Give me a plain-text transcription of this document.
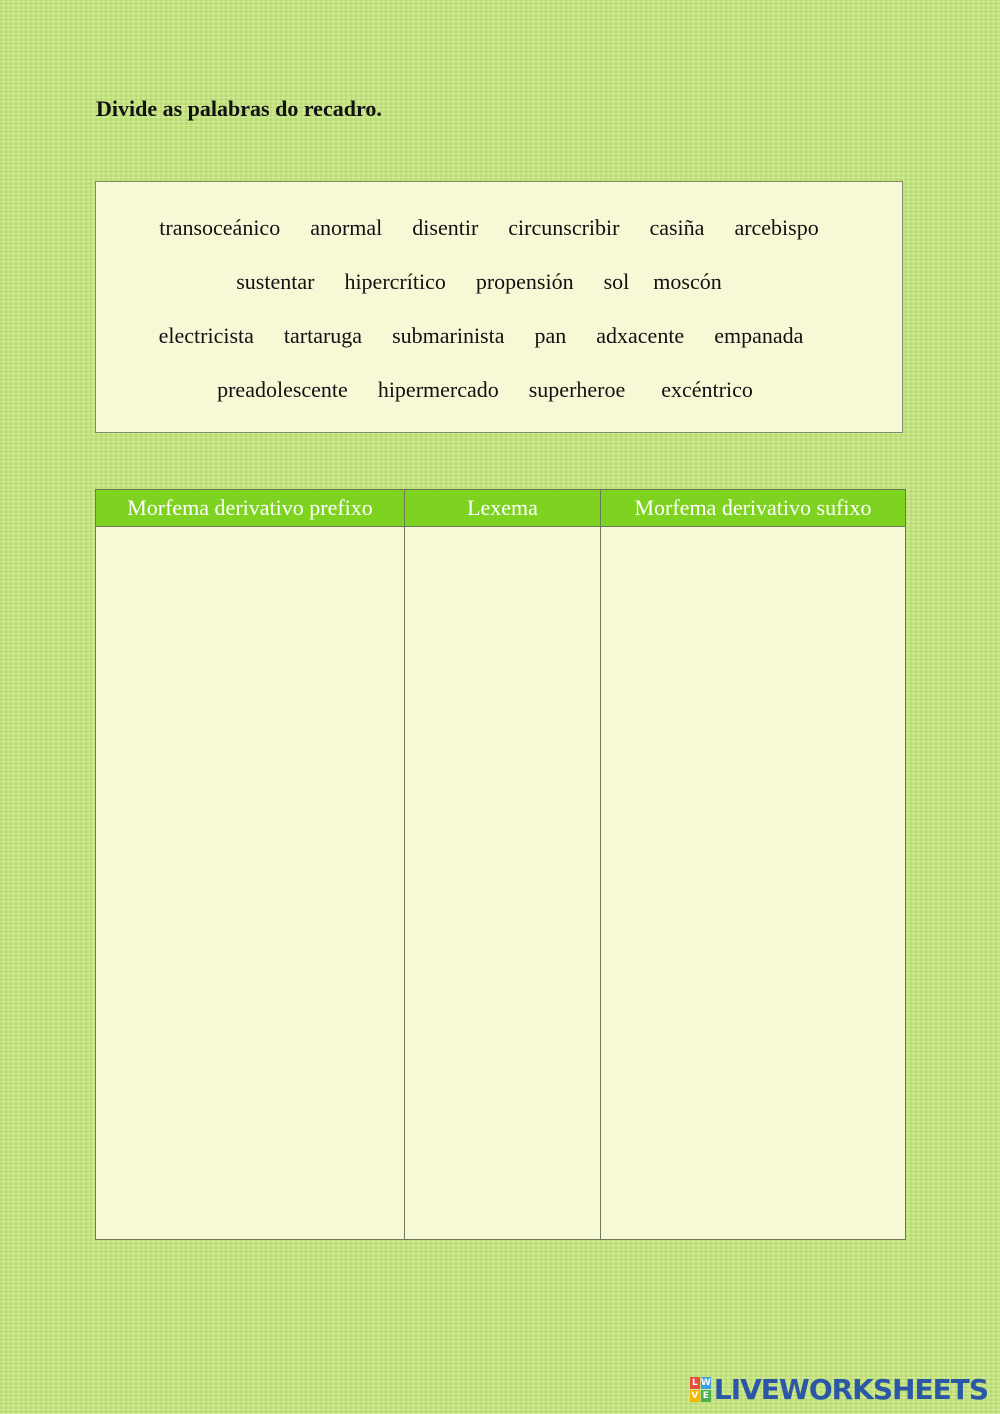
Divide as palabras do recadro.
transoceánico anormal disentir circunscribir casiña arcebispo
sustentar hipercrítico propensión sol moscón
electricista tartaruga submarinista pan adxacente empanada
preadolescente hipermercado superheroe excéntrico
Morfema derivativo prefixo	Lexema	Morfema derivativo sufixo

L W
V E LIVEWORKSHEETS
